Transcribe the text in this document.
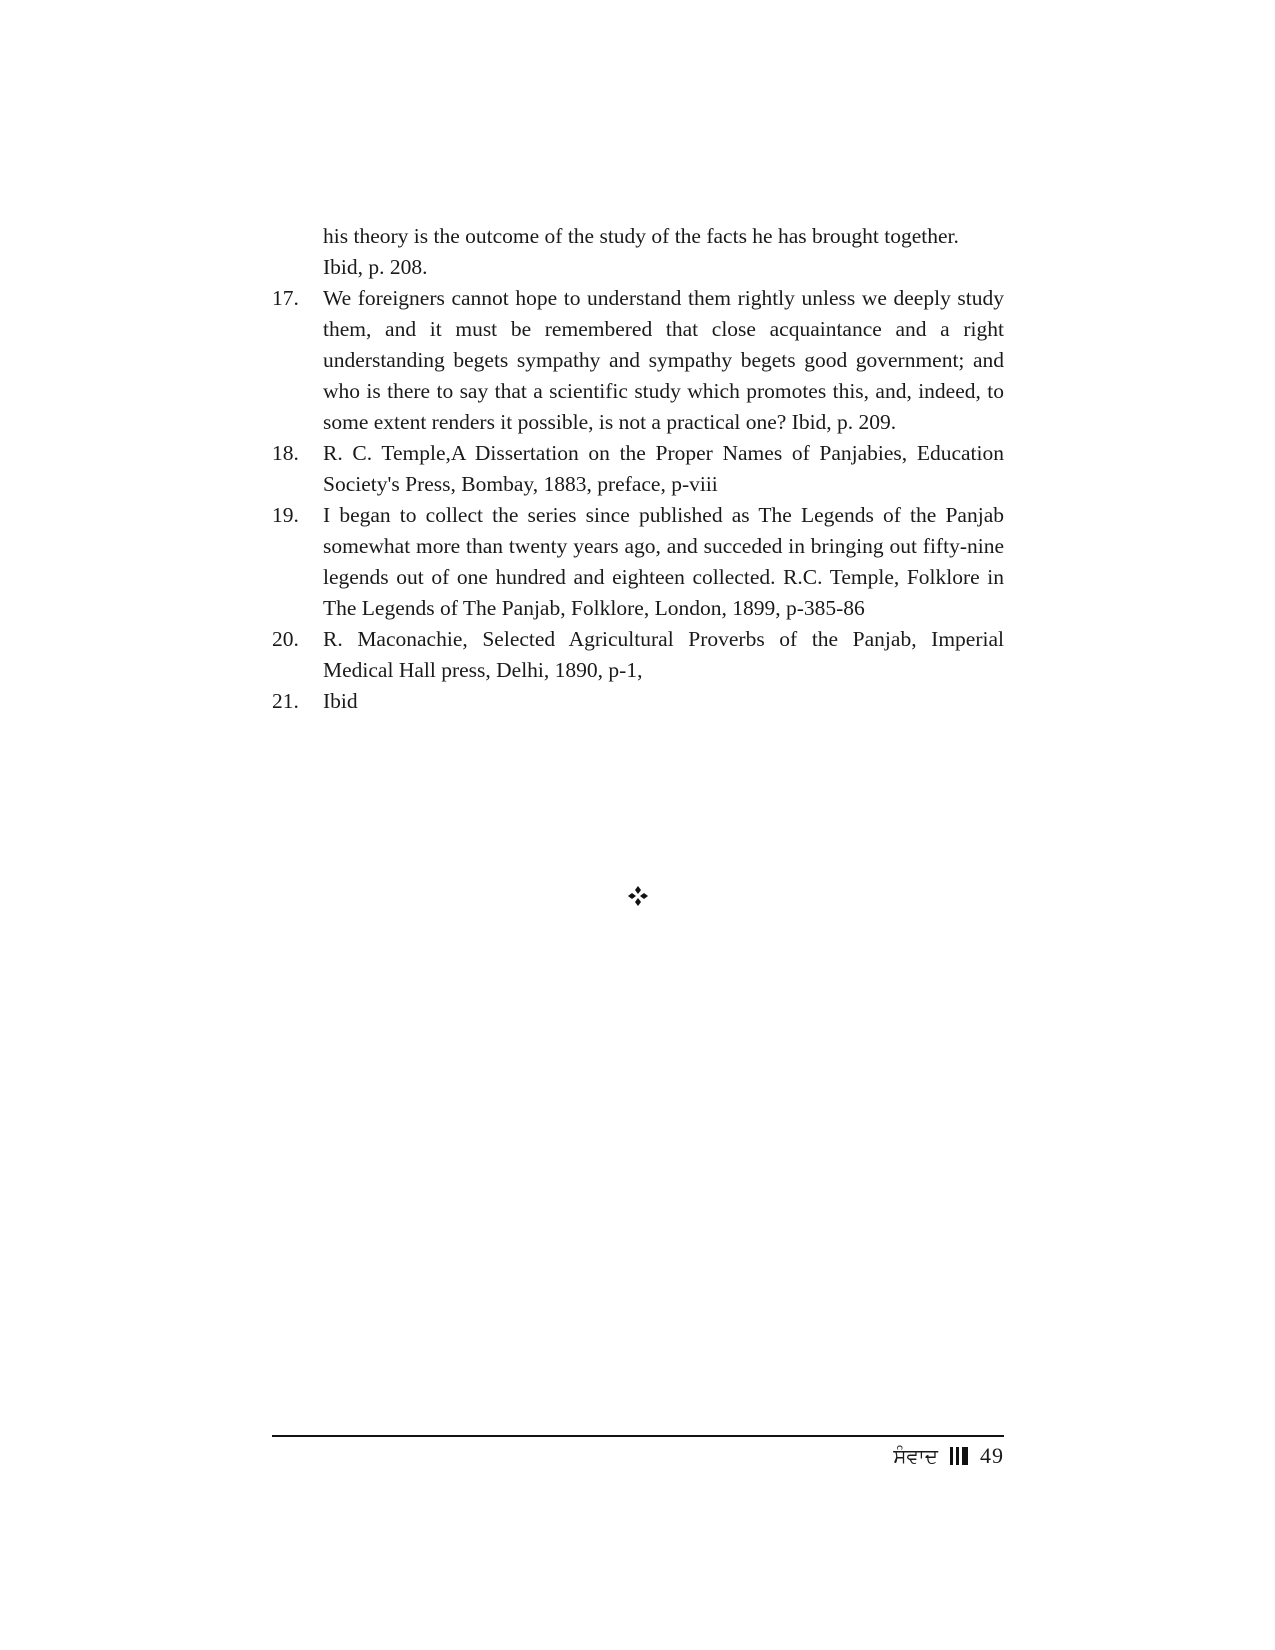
his theory is the outcome of the study of the facts he has brought together.
Ibid, p. 208.
17.	We foreigners cannot hope to understand them rightly unless we deeply study them, and it must be remembered that close acquaintance and a right understanding begets sympathy and sympathy begets good government; and who is there to say that a scientific study which promotes this, and, indeed, to some extent renders it possible, is not a practical one? Ibid, p. 209.
18.	R. C. Temple,A Dissertation on the Proper Names of Panjabies, Education Society's Press, Bombay, 1883, preface, p-viii
19.	I began to collect the series since published as The Legends of the Panjab somewhat more than twenty years ago, and succeded in bringing out fifty-nine legends out of one hundred and eighteen collected. R.C. Temple, Folklore in The Legends of The Panjab, Folklore, London, 1899, p-385-86
20.	R. Maconachie, Selected Agricultural Proverbs of the Panjab, Imperial Medical Hall press, Delhi, 1890, p-1,
21.	Ibid
ਸੰਵਾਦ 49
